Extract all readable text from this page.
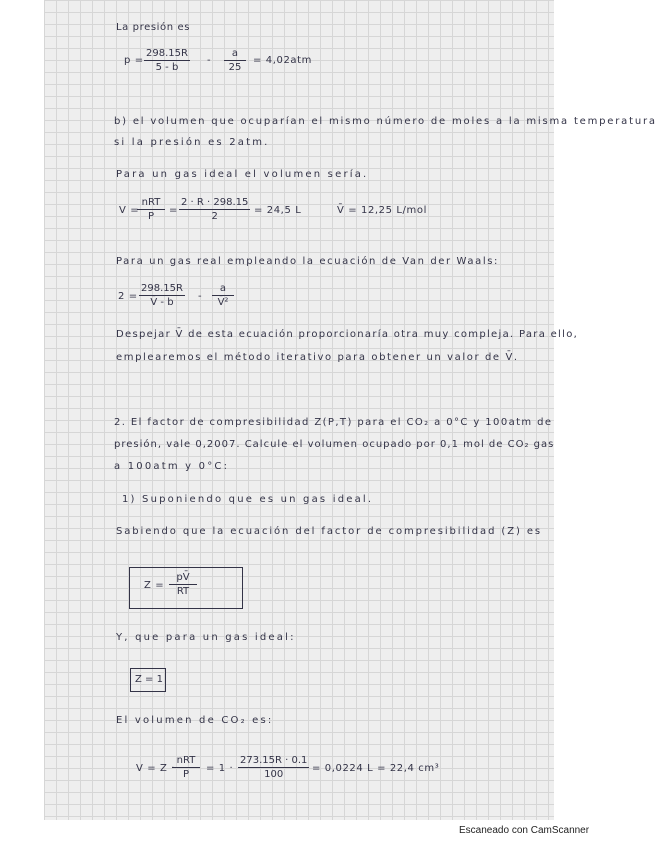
La presión es
$p = \frac{298.15R}{5 - b} - \frac{a}{25} = 4,02atm$
b) el volumen que ocuparían el mismo número de moles a la misma temperatura
si la presión es 2atm.
Para un gas ideal el volumen sería.
V =
nRT
P
= $\frac{2 \cdot R \cdot 298.15}{2} = 24,5$ L	V̄ = 12,25 L/mol
Para un gas real empleando la ecuación de Van der Waals:
$2 = \frac{298.15R}{V̄ - b} - \frac{a}{\text{V̄²}}$
Despejar V̄ de esta ecuación proporcionaría otra muy compleja. Para ello,
emplearemos el método iterativo para obtener un valor de V̄.
2. El factor de compresibilidad Z(P,T) para el CO₂ a 0°C y 100atm de
presión, vale 0,2007. Calcule el volumen ocupado por 0,1 mol de CO₂ gas
a 100atm y 0°C:
1) Suponiendo que es un gas ideal.
Sabiendo que la ecuación del factor de compresibilidad (Z) es
$Z = \frac{pV̄}{RT}$
Y, que para un gas ideal:
Z = 1
El volumen de CO₂ es:
V = Z ·
nRT
P
= $1 \cdot \frac{273.15R \cdot 0.1}{100} = 0,0224$ L = 22,4 cm³
Escaneado con CamScanner
